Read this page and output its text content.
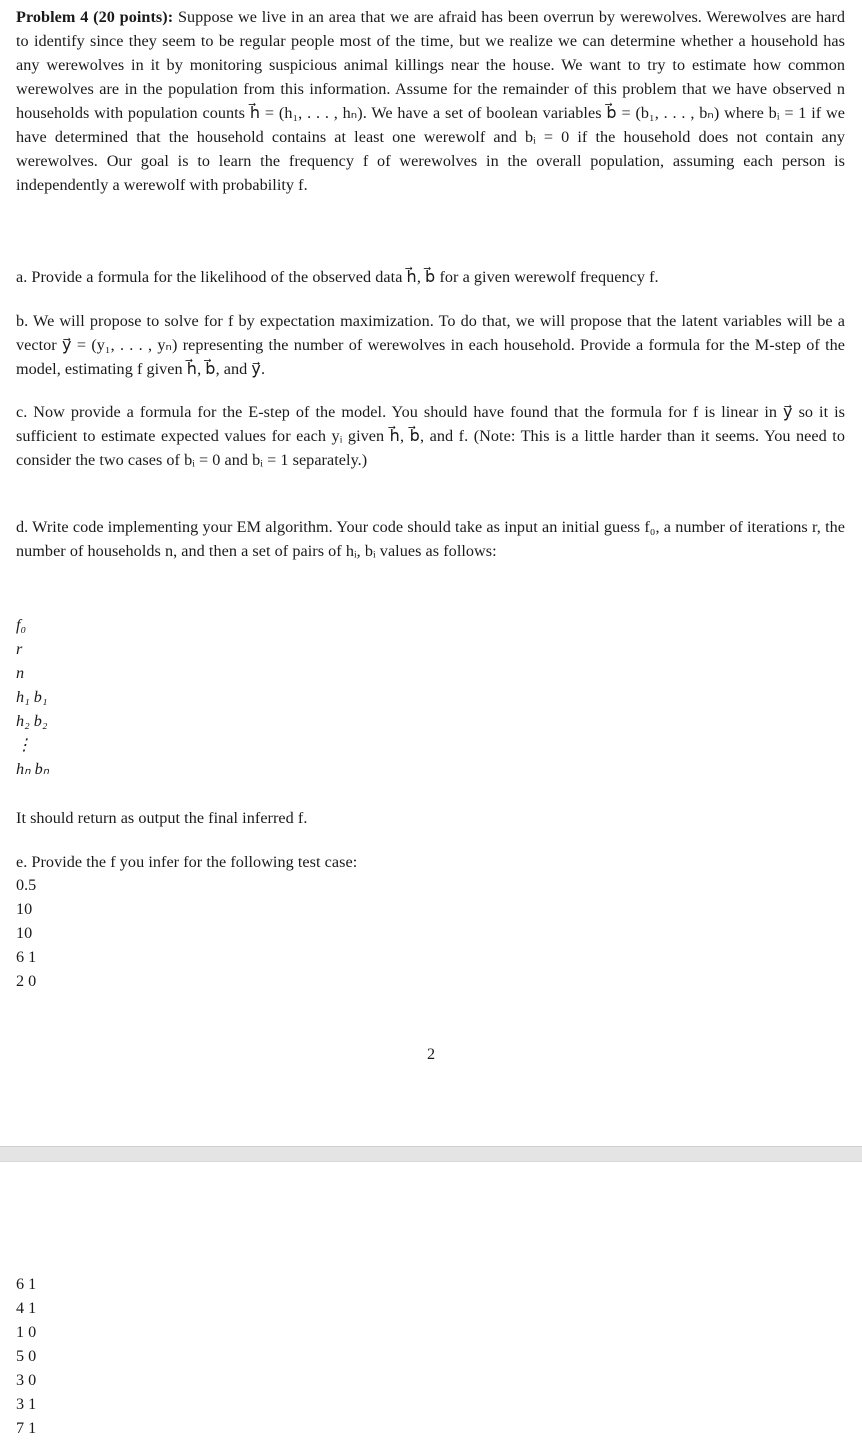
Problem 4 (20 points): Suppose we live in an area that we are afraid has been overrun by werewolves. Werewolves are hard to identify since they seem to be regular people most of the time, but we realize we can determine whether a household has any werewolves in it by monitoring suspicious animal killings near the house. We want to try to estimate how common werewolves are in the population from this information. Assume for the remainder of this problem that we have observed n households with population counts h⃗ = (h₁, . . . , hₙ). We have a set of boolean variables b⃗ = (b₁, . . . , bₙ) where bᵢ = 1 if we have determined that the household contains at least one werewolf and bᵢ = 0 if the household does not contain any werewolves. Our goal is to learn the frequency f of werewolves in the overall population, assuming each person is independently a werewolf with probability f.
a. Provide a formula for the likelihood of the observed data h⃗, b⃗ for a given werewolf frequency f.
b. We will propose to solve for f by expectation maximization. To do that, we will propose that the latent variables will be a vector y⃗ = (y₁, . . . , yₙ) representing the number of werewolves in each household. Provide a formula for the M-step of the model, estimating f given h⃗, b⃗, and y⃗.
c. Now provide a formula for the E-step of the model. You should have found that the formula for f is linear in y⃗ so it is sufficient to estimate expected values for each yᵢ given h⃗, b⃗, and f. (Note: This is a little harder than it seems. You need to consider the two cases of bᵢ = 0 and bᵢ = 1 separately.)
d. Write code implementing your EM algorithm. Your code should take as input an initial guess f₀, a number of iterations r, the number of households n, and then a set of pairs of hᵢ, bᵢ values as follows:
f₀
r
n
h₁ b₁
h₂ b₂
⋮
hₙ bₙ
It should return as output the final inferred f.
e. Provide the f you infer for the following test case:
0.5
10
10
6 1
2 0
2
6 1
4 1
1 0
5 0
3 0
3 1
7 1
